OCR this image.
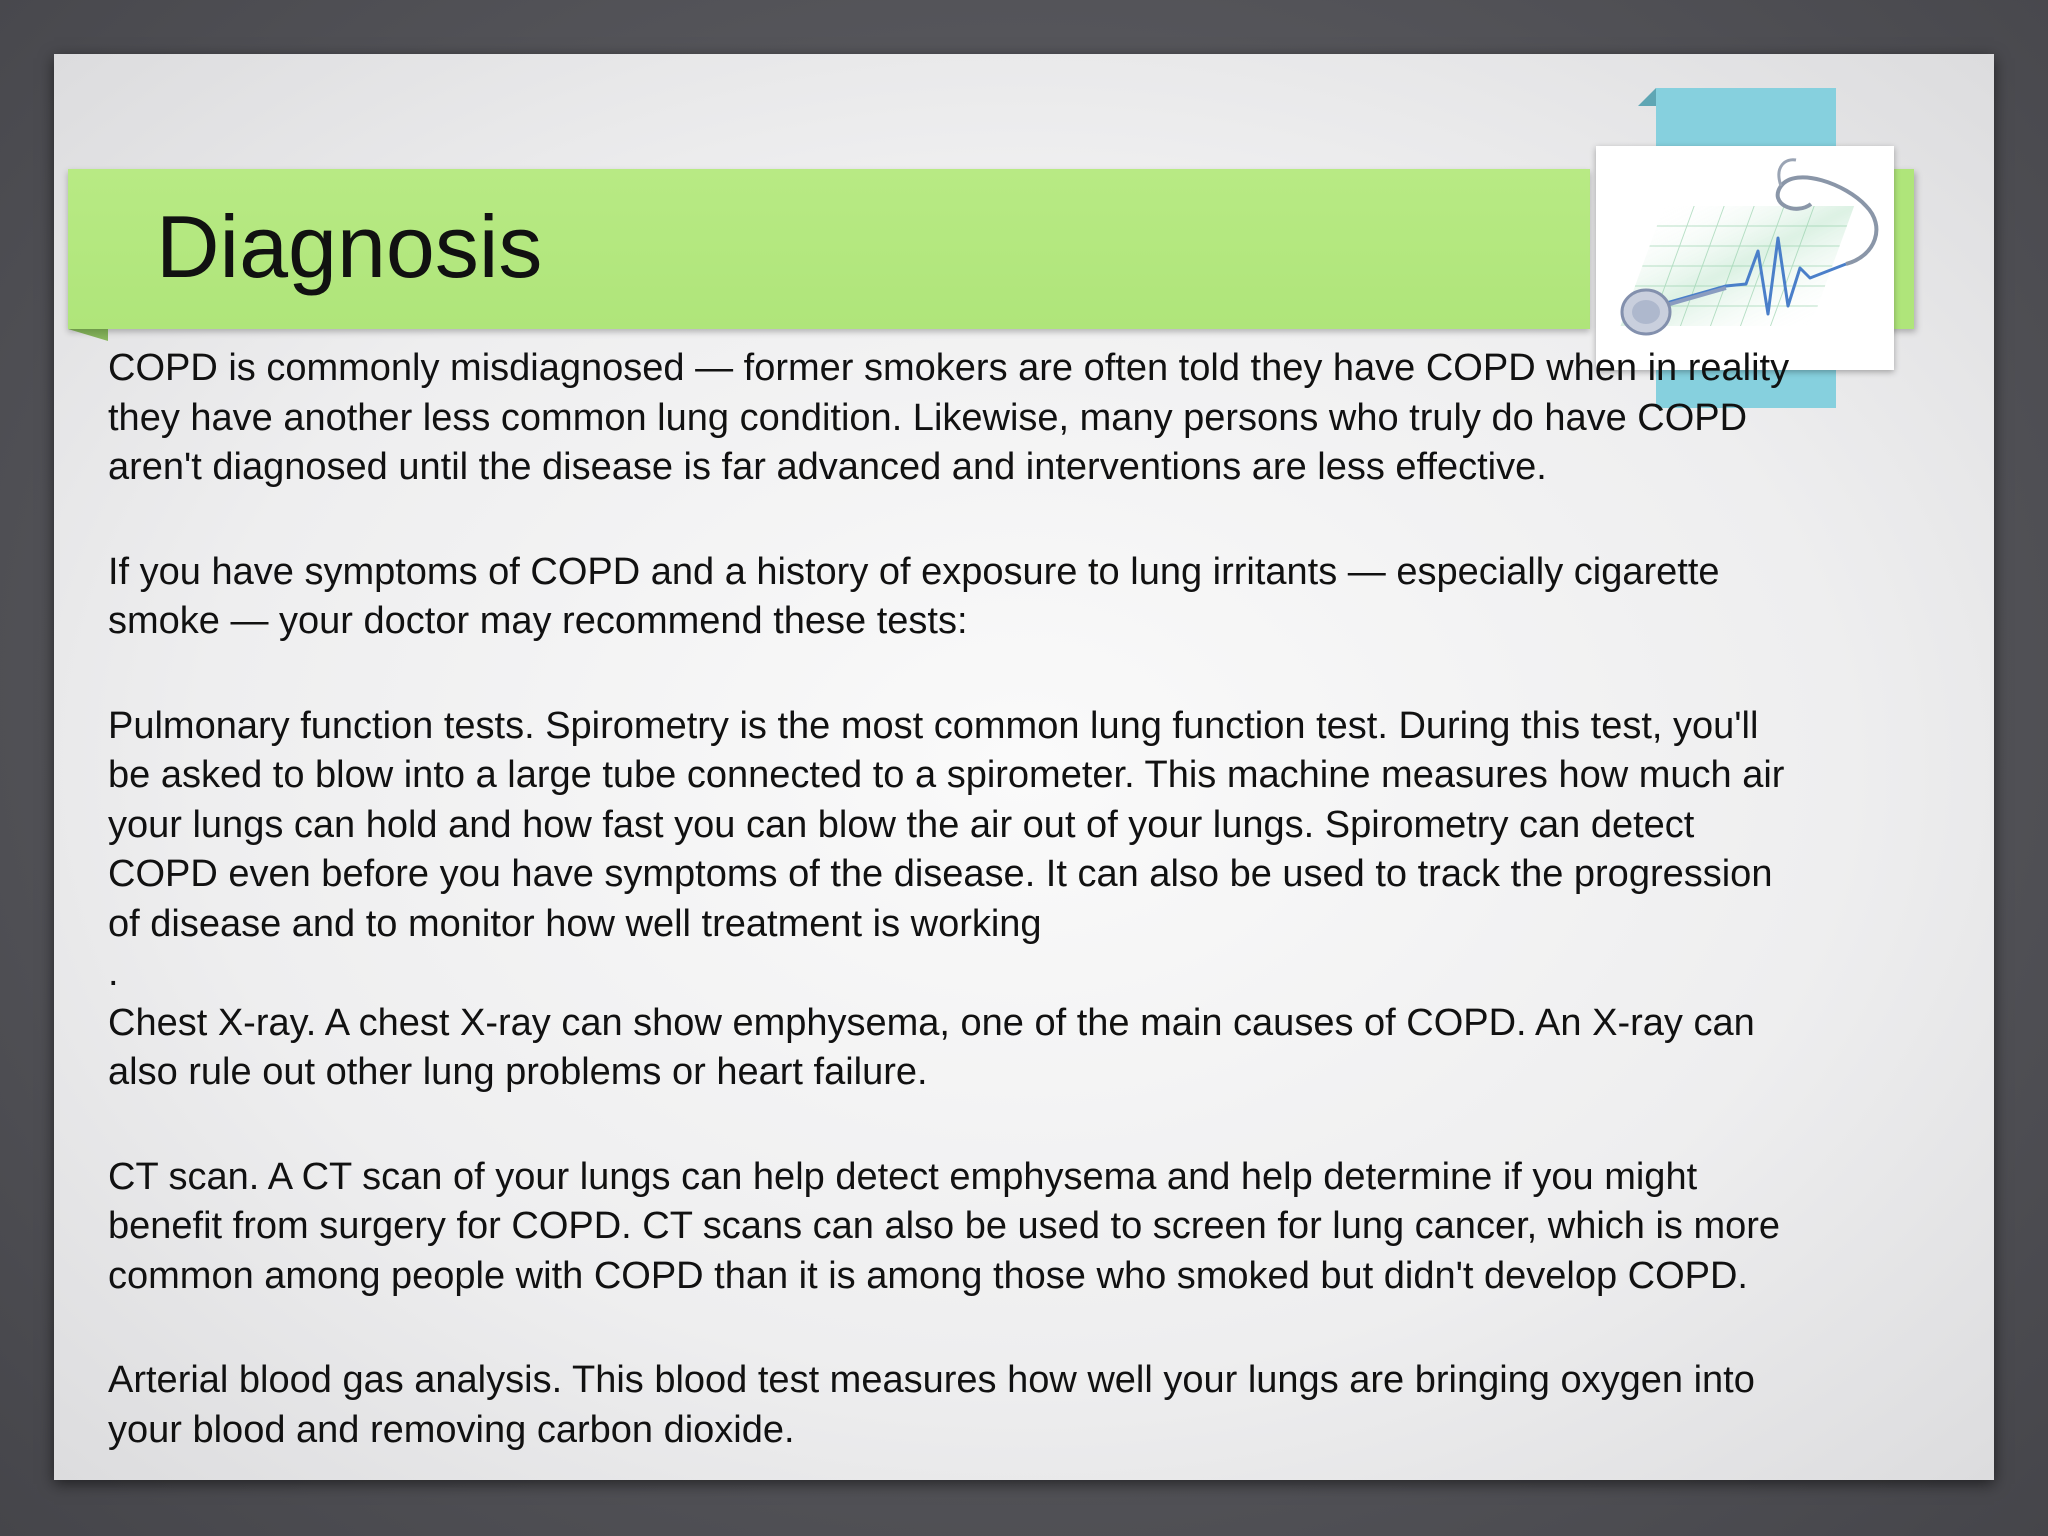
Diagnosis

COPD is commonly misdiagnosed — former smokers are often told they have COPD when in reality
they have another less common lung condition. Likewise, many persons who truly do have COPD
aren't diagnosed until the disease is far advanced and interventions are less effective.

If you have symptoms of COPD and a history of exposure to lung irritants — especially cigarette
smoke — your doctor may recommend these tests:

Pulmonary function tests. Spirometry is the most common lung function test. During this test, you'll
be asked to blow into a large tube connected to a spirometer. This machine measures how much air
your lungs can hold and how fast you can blow the air out of your lungs. Spirometry can detect
COPD even before you have symptoms of the disease. It can also be used to track the progression
of disease and to monitor how well treatment is working

.

Chest X-ray. A chest X-ray can show emphysema, one of the main causes of COPD. An X-ray can
also rule out other lung problems or heart failure.

CT scan. A CT scan of your lungs can help detect emphysema and help determine if you might
benefit from surgery for COPD. CT scans can also be used to screen for lung cancer, which is more
common among people with COPD than it is among those who smoked but didn't develop COPD.

Arterial blood gas analysis. This blood test measures how well your lungs are bringing oxygen into
your blood and removing carbon dioxide.
